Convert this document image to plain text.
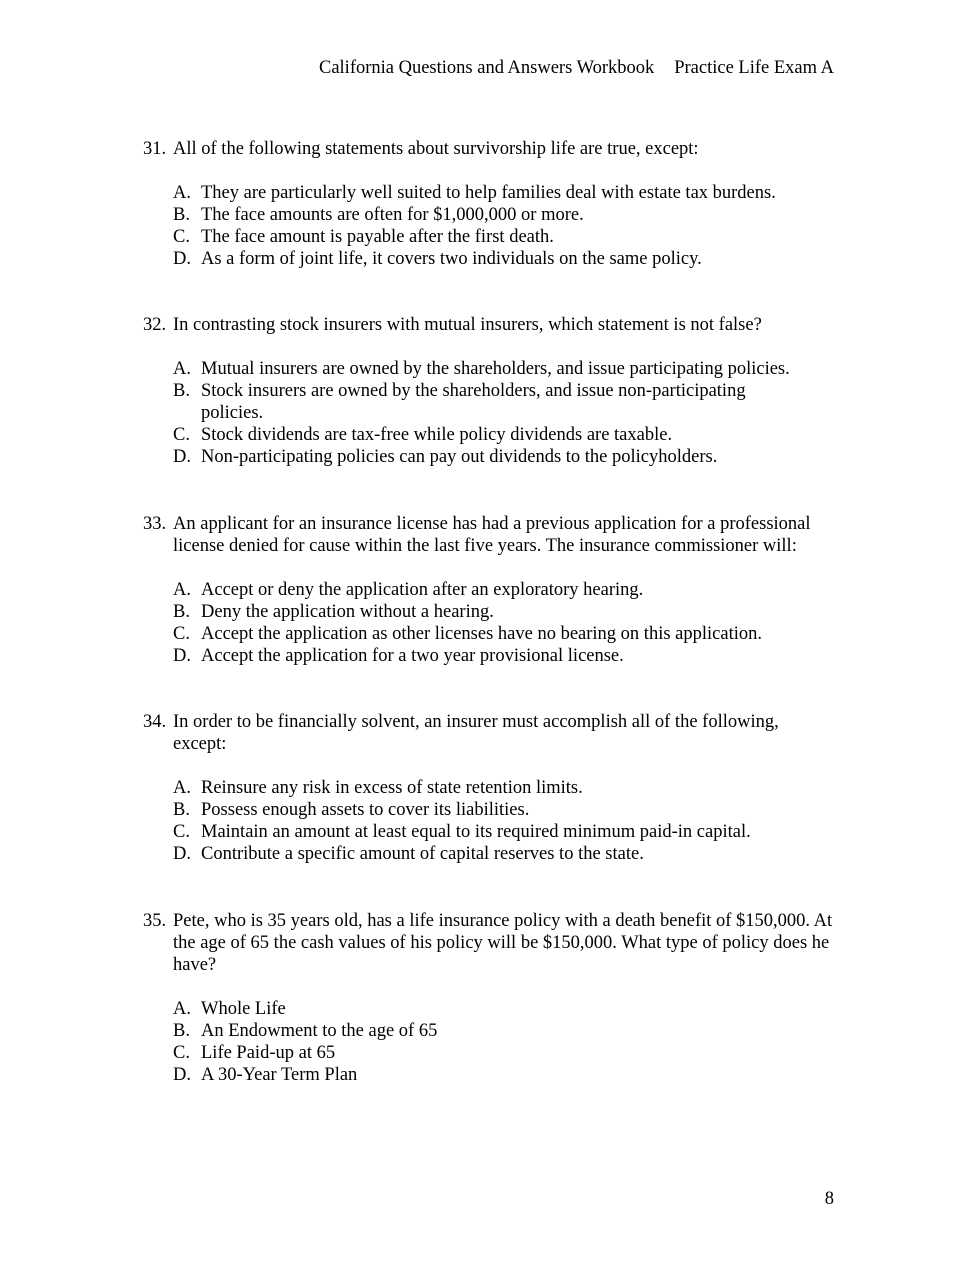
California Questions and Answers Workbook Practice Life Exam A
31. All of the following statements about survivorship life are true, except:
A. They are particularly well suited to help families deal with estate tax burdens.
B. The face amounts are often for $1,000,000 or more.
C. The face amount is payable after the first death.
D. As a form of joint life, it covers two individuals on the same policy.
32. In contrasting stock insurers with mutual insurers, which statement is not false?
A. Mutual insurers are owned by the shareholders, and issue participating policies.
B. Stock insurers are owned by the shareholders, and issue non-participating policies.
C. Stock dividends are tax-free while policy dividends are taxable.
D. Non-participating policies can pay out dividends to the policyholders.
33. An applicant for an insurance license has had a previous application for a professional license denied for cause within the last five years. The insurance commissioner will:
A. Accept or deny the application after an exploratory hearing.
B. Deny the application without a hearing.
C. Accept the application as other licenses have no bearing on this application.
D. Accept the application for a two year provisional license.
34. In order to be financially solvent, an insurer must accomplish all of the following, except:
A. Reinsure any risk in excess of state retention limits.
B. Possess enough assets to cover its liabilities.
C. Maintain an amount at least equal to its required minimum paid-in capital.
D. Contribute a specific amount of capital reserves to the state.
35. Pete, who is 35 years old, has a life insurance policy with a death benefit of $150,000. At the age of 65 the cash values of his policy will be $150,000. What type of policy does he have?
A. Whole Life
B. An Endowment to the age of 65
C. Life Paid-up at 65
D. A 30-Year Term Plan
8
